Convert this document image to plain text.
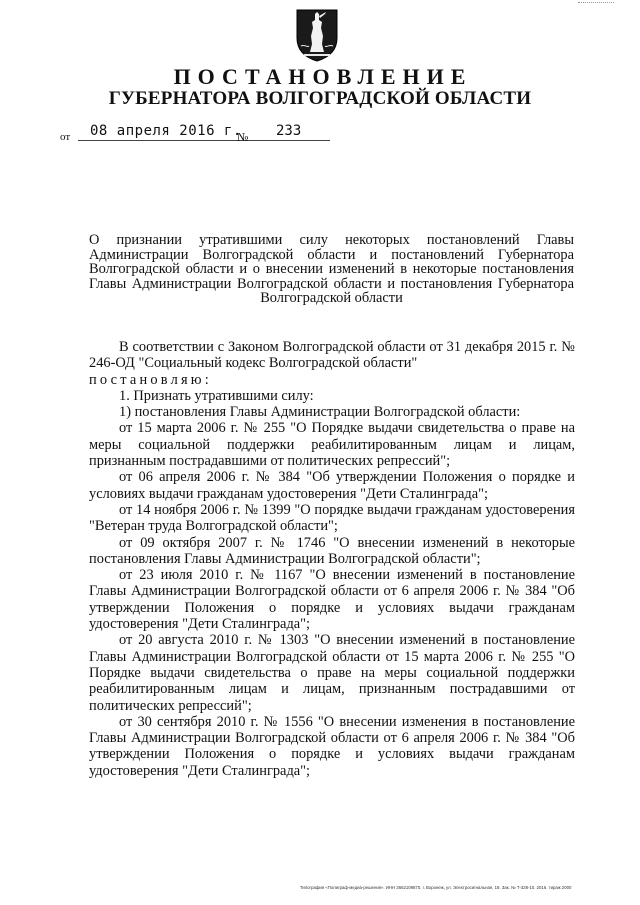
ПОСТАНОВЛЕНИЕ
ГУБЕРНАТОРА ВОЛГОГРАДСКОЙ ОБЛАСТИ
от 08 апреля 2016 г.
№ 233
О признании утратившими силу некоторых постановлений Главы Администрации Волгоградской области и постановлений Губернатора Волгоградской области и о внесении изменений в некоторые постановления Главы Администрации Волгоградской области и постановления Губернатора Волгоградской области

В соответствии с Законом Волгоградской области от 31 декабря 2015 г. № 246-ОД "Социальный кодекс Волгоградской области"

постановляю:

1. Признать утратившими силу:

1) постановления Главы Администрации Волгоградской области:

от 15 марта 2006 г. № 255 "О Порядке выдачи свидетельства о праве на меры социальной поддержки реабилитированным лицам и лицам, признанным пострадавшими от политических репрессий";

от 06 апреля 2006 г. № 384 "Об утверждении Положения о порядке и условиях выдачи гражданам удостоверения "Дети Сталинграда";

от 14 ноября 2006 г. № 1399 "О порядке выдачи гражданам удостоверения "Ветеран труда Волгоградской области";

от 09 октября 2007 г. № 1746 "О внесении изменений в некоторые постановления Главы Администрации Волгоградской области";

от 23 июля 2010 г. № 1167 "О внесении изменений в постановление Главы Администрации Волгоградской области от 6 апреля 2006 г. № 384 "Об утверждении Положения о порядке и условиях выдачи гражданам удостоверения "Дети Сталинграда";

от 20 августа 2010 г. № 1303 "О внесении изменений в постановление Главы Администрации Волгоградской области от 15 марта 2006 г. № 255 "О Порядке выдачи свидетельства о праве на меры социальной поддержки реабилитированным лицам и лицам, признанным пострадавшими от политических репрессий";

от 30 сентября 2010 г. № 1556 "О внесении изменения в постановление Главы Администрации Волгоградской области от 6 апреля 2006 г. № 384 "Об утверждении Положения о порядке и условиях выдачи гражданам удостоверения "Дети Сталинграда";

Типография «Полиграф-медиа-решения». ИНН 3662109870, г. Воронеж, ул. Электросигнальная, 19. Зак. № Т-328-10. 2016. тираж 2000
